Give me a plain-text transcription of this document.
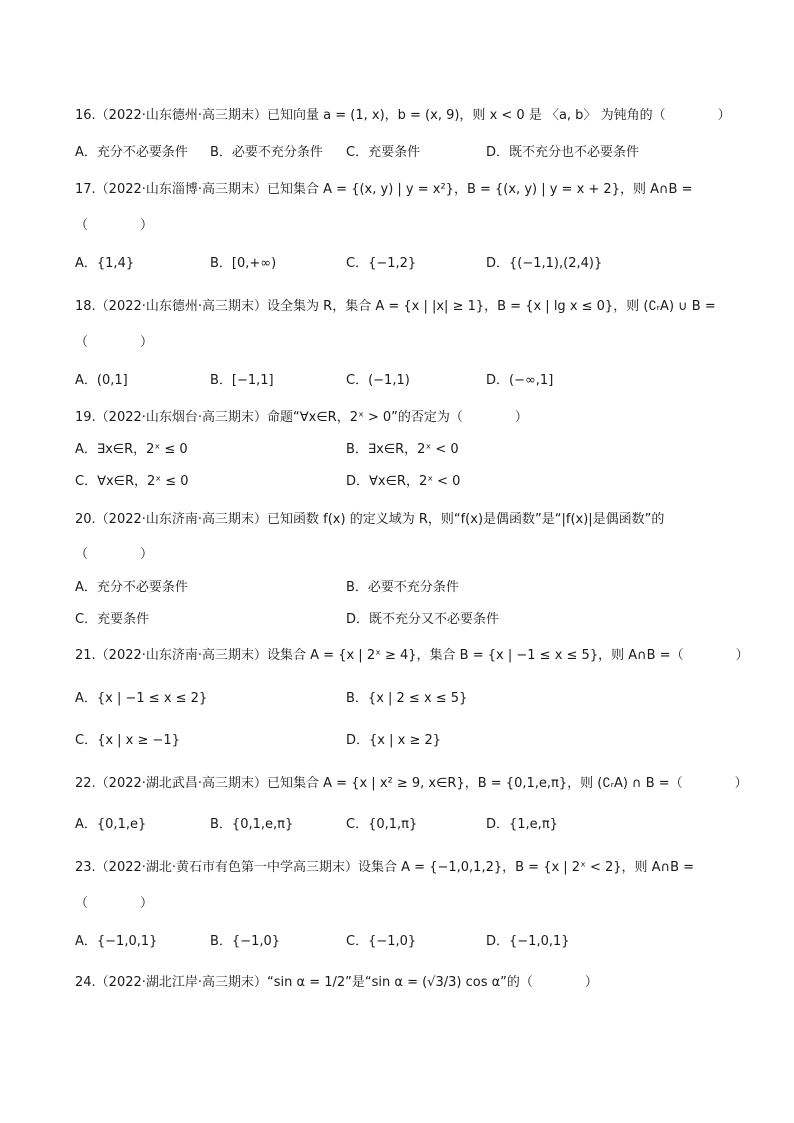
16.（2022·山东德州·高三期末）已知向量 a = (1, x)，b = (x, 9)，则 x < 0 是 〈a, b〉 为钝角的（　　　　）
A．充分不必要条件 B．必要不充分条件 C．充要条件	D．既不充分也不必要条件
17.（2022·山东淄博·高三期末）已知集合 A = {(x, y) | y = x²}，B = {(x, y) | y = x + 2}，则 A∩B =
（　　　　）
A．{1,4}	B．[0,+∞)	C．{−1,2}	D．{(−1,1),(2,4)}
18.（2022·山东德州·高三期末）设全集为 R，集合 A = {x | |x| ≥ 1}，B = {x | lg x ≤ 0}，则 (∁ᵣA) ∪ B =
（　　　　）
A．(0,1]	B．[−1,1]	C．(−1,1)	D．(−∞,1]
19.（2022·山东烟台·高三期末）命题“∀x∈R，2ˣ > 0”的否定为（　　　　）
A．∃x∈R，2ˣ ≤ 0	B．∃x∈R，2ˣ < 0
C．∀x∈R，2ˣ ≤ 0	D．∀x∈R，2ˣ < 0
20.（2022·山东济南·高三期末）已知函数 f(x) 的定义域为 R，则“f(x)是偶函数”是“|f(x)|是偶函数”的
（　　　　）
A．充分不必要条件	B．必要不充分条件
C．充要条件	D．既不充分又不必要条件
21.（2022·山东济南·高三期末）设集合 A = {x | 2ˣ ≥ 4}，集合 B = {x | −1 ≤ x ≤ 5}，则 A∩B =（　　　　）
A．{x | −1 ≤ x ≤ 2}	B．{x | 2 ≤ x ≤ 5}
C．{x | x ≥ −1}	D．{x | x ≥ 2}
22.（2022·湖北武昌·高三期末）已知集合 A = {x | x² ≥ 9, x∈R}，B = {0,1,e,π}，则 (∁ᵣA) ∩ B =（　　　　）
A．{0,1,e}	B．{0,1,e,π}	C．{0,1,π}	D．{1,e,π}
23.（2022·湖北·黄石市有色第一中学高三期末）设集合 A = {−1,0,1,2}，B = {x | 2ˣ < 2}，则 A∩B =
（　　　　）
A．{−1,0,1}	B．{−1,0}	C．{−1,0}	D．{−1,0,1}
24.（2022·湖北江岸·高三期末）“sin α = 1/2”是“sin α = (√3/3) cos α”的（　　　　）
